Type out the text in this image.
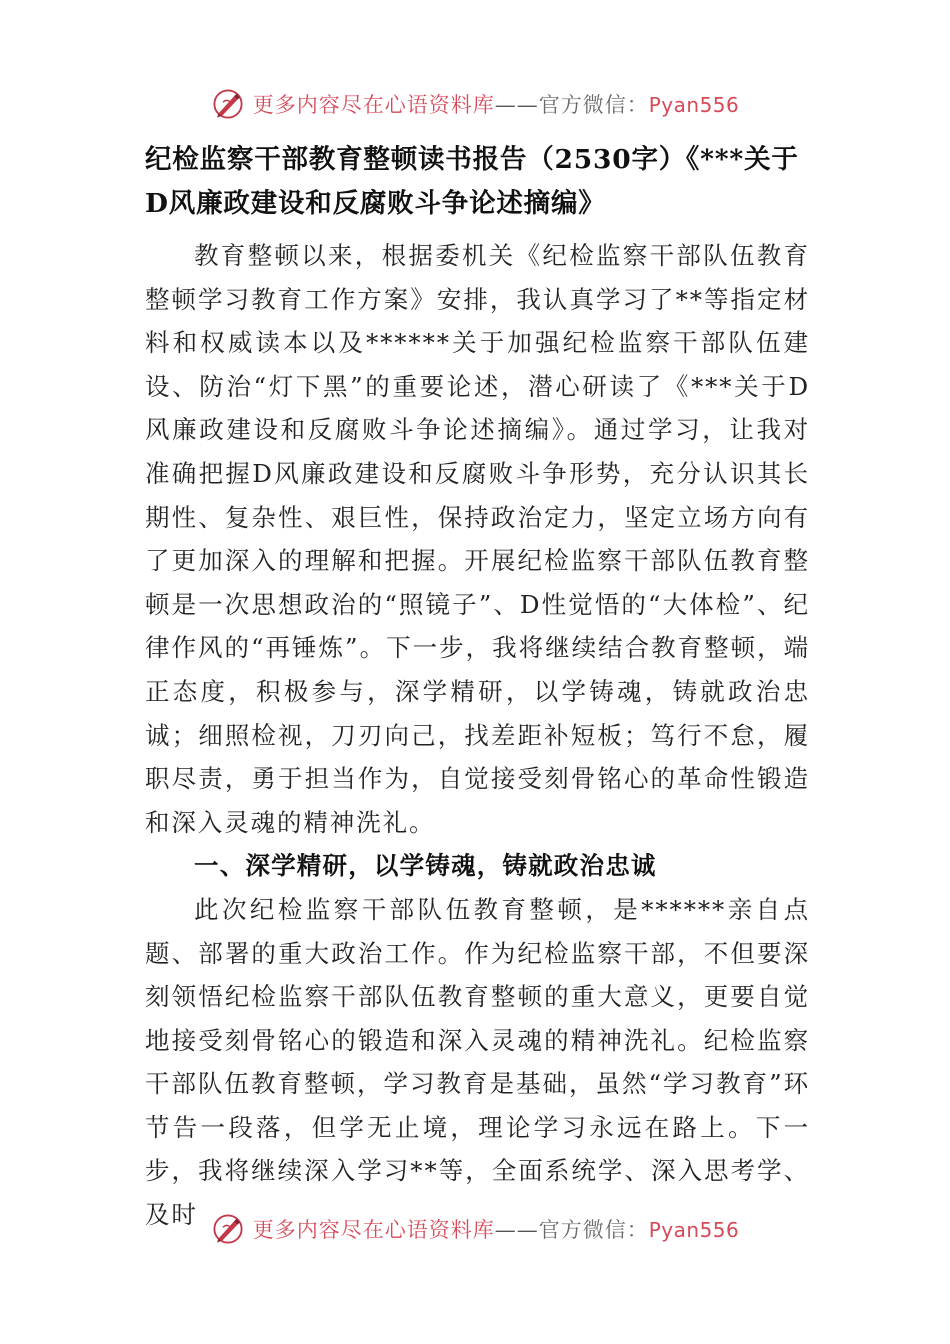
更多内容尽在心语资料库 —— 官方微信： Pyan556
纪检监察干部教育整顿读书报告（2530字）《***关于D风廉政建设和反腐败斗争论述摘编》

教育整顿以来，根据委机关《纪检监察干部队伍教育整顿学习教育工作方案》安排，我认真学习了**等指定材料和权威读本以及******关于加强纪检监察干部队伍建设、防治“灯下黑”的重要论述，潜心研读了《***关于D风廉政建设和反腐败斗争论述摘编》。通过学习，让我对准确把握D风廉政建设和反腐败斗争形势，充分认识其长期性、复杂性、艰巨性，保持政治定力，坚定立场方向有了更加深入的理解和把握。开展纪检监察干部队伍教育整顿是一次思想政治的“照镜子”、D性觉悟的“大体检”、纪律作风的“再锤炼”。下一步，我将继续结合教育整顿，端正态度，积极参与，深学精研，以学铸魂，铸就政治忠诚；细照检视，刀刃向己，找差距补短板；笃行不怠，履职尽责，勇于担当作为，自觉接受刻骨铭心的革命性锻造和深入灵魂的精神洗礼。

一、深学精研，以学铸魂，铸就政治忠诚

此次纪检监察干部队伍教育整顿，是******亲自点题、部署的重大政治工作。作为纪检监察干部，不但要深刻领悟纪检监察干部队伍教育整顿的重大意义，更要自觉地接受刻骨铭心的锻造和深入灵魂的精神洗礼。纪检监察干部队伍教育整顿，学习教育是基础，虽然“学习教育”环节告一段落，但学无止境，理论学习永远在路上。下一步，我将继续深入学习**等，全面系统学、深入思考学、及时

更多内容尽在心语资料库 —— 官方微信： Pyan556
